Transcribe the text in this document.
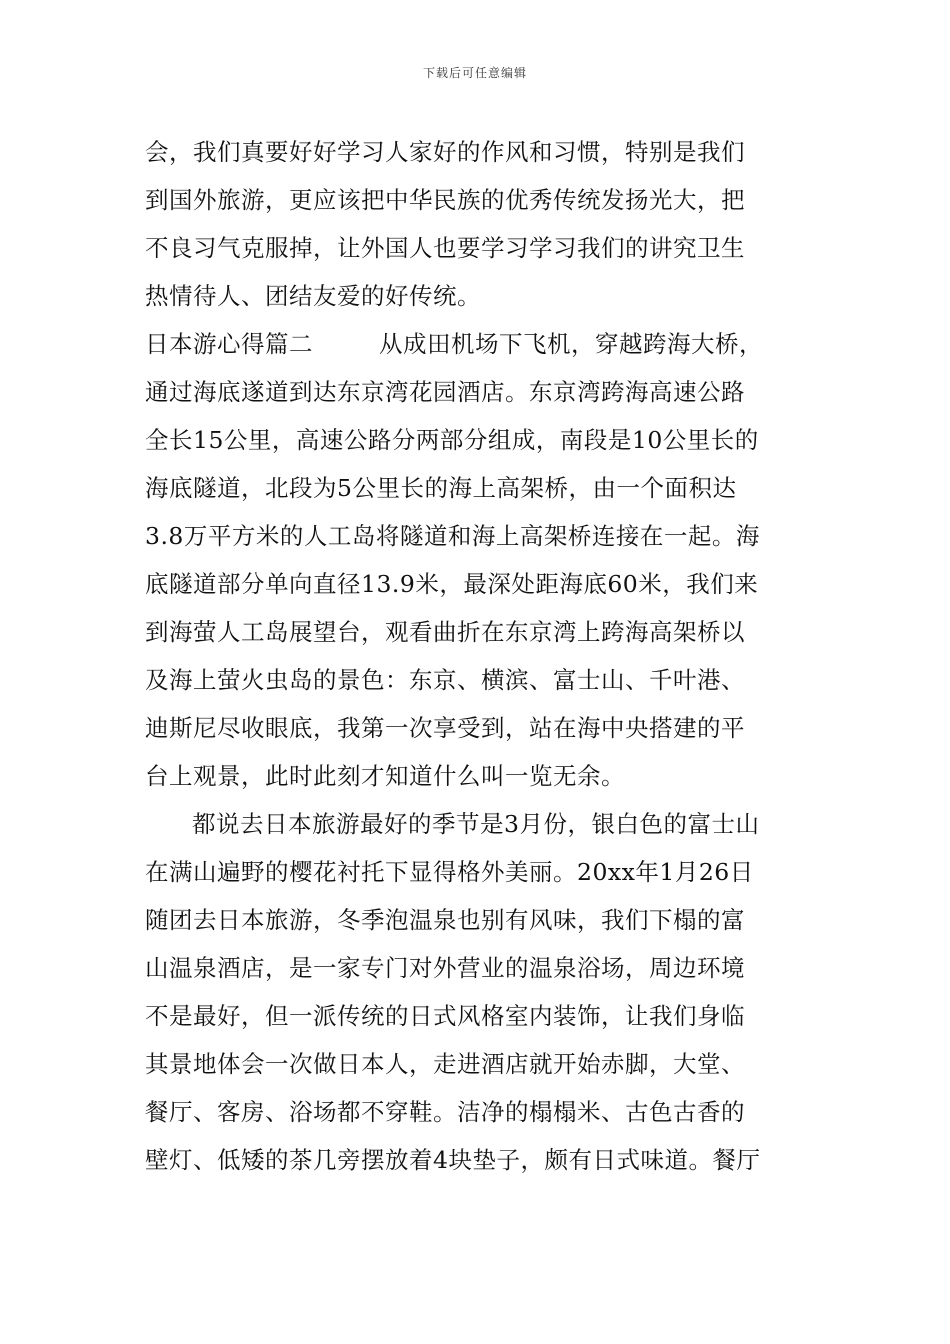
下载后可任意编辑
会，我们真要好好学习人家好的作风和习惯，特别是我们
到国外旅游，更应该把中华民族的优秀传统发扬光大，把
不良习气克服掉，让外国人也要学习学习我们的讲究卫生
热情待人、团结友爱的好传统。
日本游心得篇二	从成田机场下飞机，穿越跨海大桥，
通过海底遂道到达东京湾花园酒店。东京湾跨海高速公路
全长15公里，高速公路分两部分组成，南段是10公里长的
海底隧道，北段为5公里长的海上高架桥，由一个面积达
3.8万平方米的人工岛将隧道和海上高架桥连接在一起。海
底隧道部分单向直径13.9米，最深处距海底60米，我们来
到海萤人工岛展望台，观看曲折在东京湾上跨海高架桥以
及海上萤火虫岛的景色：东京、横滨、富士山、千叶港、
迪斯尼尽收眼底，我第一次享受到，站在海中央搭建的平
台上观景，此时此刻才知道什么叫一览无余。
都说去日本旅游最好的季节是3月份，银白色的富士山
在满山遍野的樱花衬托下显得格外美丽。20xx年1月26日
随团去日本旅游，冬季泡温泉也别有风味，我们下榻的富
山温泉酒店，是一家专门对外营业的温泉浴场，周边环境
不是最好，但一派传统的日式风格室内装饰，让我们身临
其景地体会一次做日本人，走进酒店就开始赤脚，大堂、
餐厅、客房、浴场都不穿鞋。洁净的榻榻米、古色古香的
壁灯、低矮的茶几旁摆放着4块垫子，颇有日式味道。餐厅
